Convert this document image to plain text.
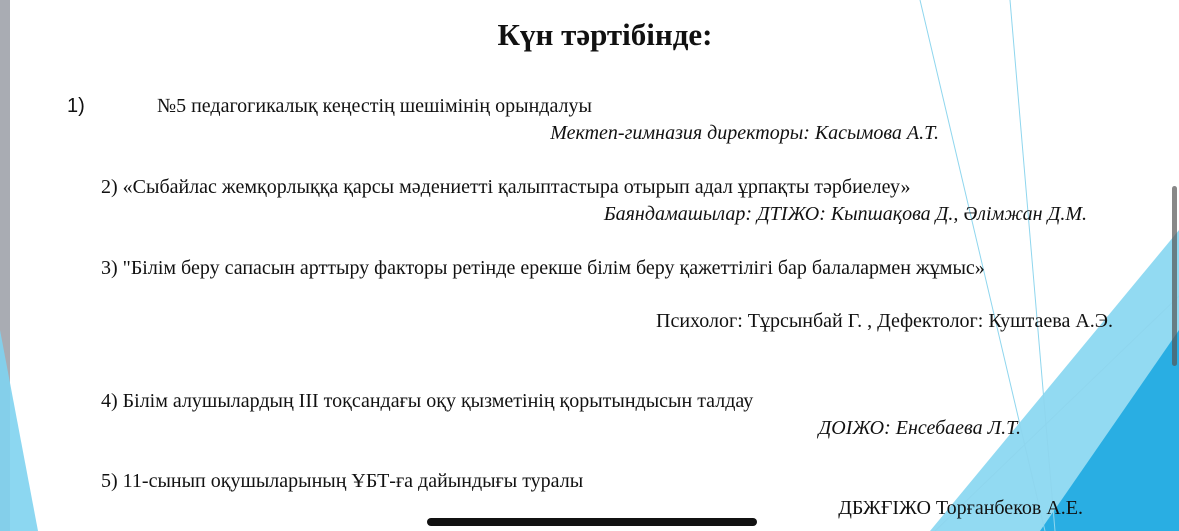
Күн тәртібінде:
1)	№5 педагогикалық кеңестің шешімінің орындалуы
Мектеп-гимназия директоры: Касымова А.Т.
2) «Сыбайлас жемқорлыққа қарсы мәдениетті қалыптастыра отырып адал ұрпақты тәрбиелеу»
Баяндамашылар: ДТІЖО: Кыпшақова Д., Әлімжан Д.М.
3) "Білім беру сапасын арттыру факторы ретінде ерекше білім беру қажеттілігі бар балалармен жұмыс»
Психолог: Тұрсынбай Г. , Дефектолог: Куштаева А.Э.
4) Білім алушылардың ІІІ тоқсандағы оқу қызметінің қорытындысын талдау
ДОІЖО: Енсебаева Л.Т.
5) 11-сынып оқушыларының ҰБТ-ға дайындығы туралы
ДБЖҒІЖО Торғанбеков А.Е.
